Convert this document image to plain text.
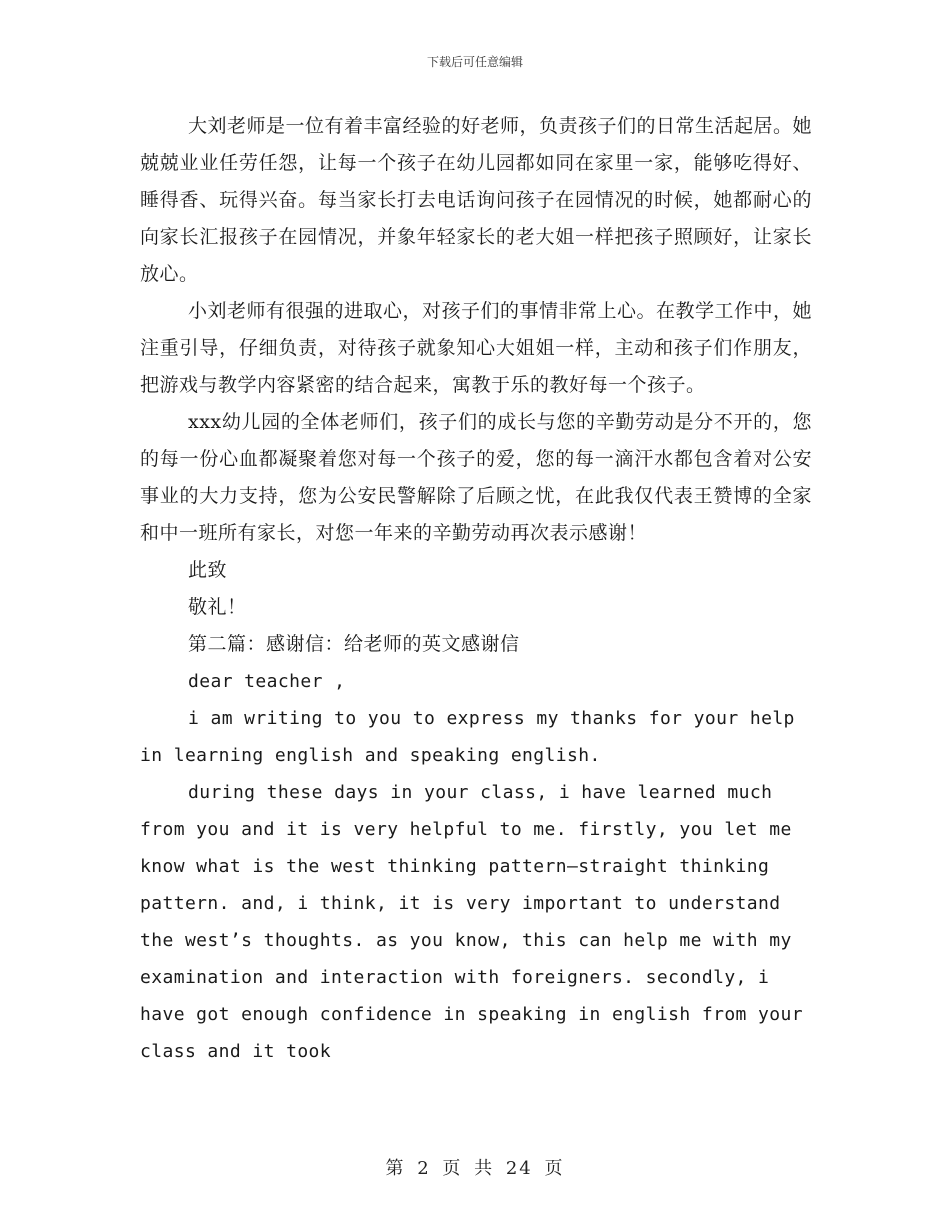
下载后可任意编辑

大刘老师是一位有着丰富经验的好老师，负责孩子们的日常生活起居。她兢兢业业任劳任怨，让每一个孩子在幼儿园都如同在家里一家，能够吃得好、睡得香、玩得兴奋。每当家长打去电话询问孩子在园情况的时候，她都耐心的向家长汇报孩子在园情况，并象年轻家长的老大姐一样把孩子照顾好，让家长放心。

小刘老师有很强的进取心，对孩子们的事情非常上心。在教学工作中，她注重引导，仔细负责，对待孩子就象知心大姐姐一样，主动和孩子们作朋友，把游戏与教学内容紧密的结合起来，寓教于乐的教好每一个孩子。

xxx幼儿园的全体老师们，孩子们的成长与您的辛勤劳动是分不开的，您的每一份心血都凝聚着您对每一个孩子的爱，您的每一滴汗水都包含着对公安事业的大力支持，您为公安民警解除了后顾之忧，在此我仅代表王赞博的全家和中一班所有家长，对您一年来的辛勤劳动再次表示感谢！

此致

敬礼！

第二篇：感谢信：给老师的英文感谢信

dear teacher ,

i am writing to you to express my thanks for your help in learning english and speaking english.

during these days in your class, i have learned much from you and it is very helpful to me. firstly, you let me know what is the west thinking pattern—straight thinking pattern. and, i think, it is very important to understand the west’s thoughts. as you know, this can help me with my examination and interaction with foreigners. secondly, i have got enough confidence in speaking in english from your class and it took

第 2 页 共 24 页
